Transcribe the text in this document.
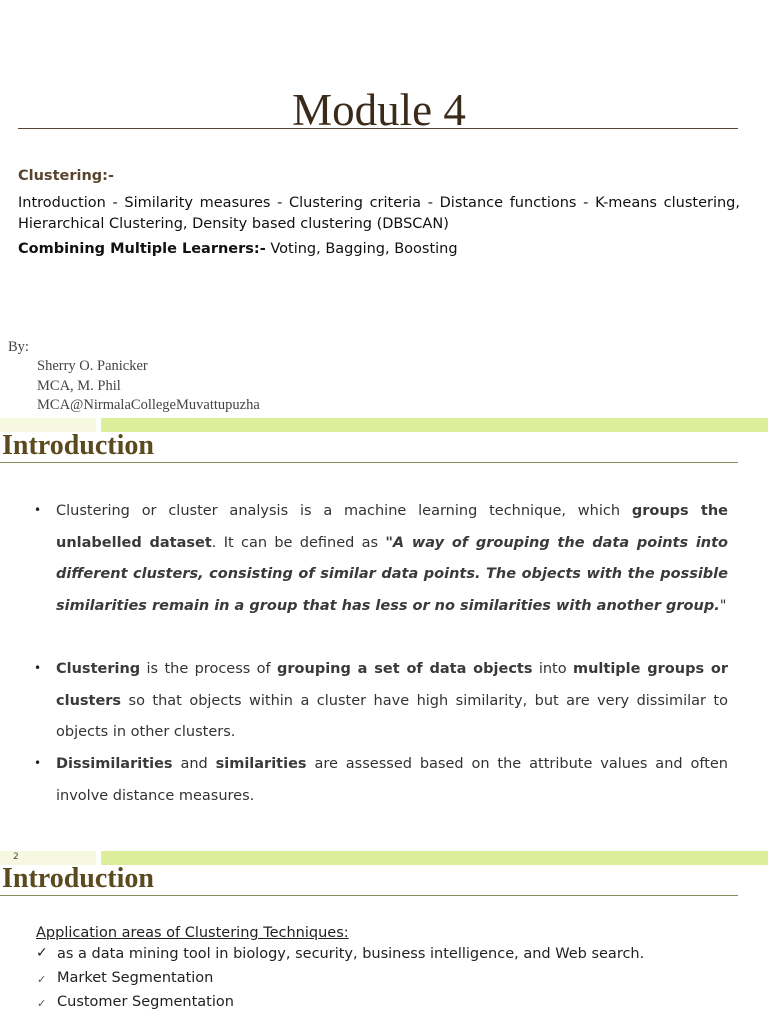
Module 4
Clustering:-
Introduction - Similarity measures - Clustering criteria - Distance functions - K-means clustering, Hierarchical Clustering, Density based clustering (DBSCAN)
Combining Multiple Learners:- Voting, Bagging, Boosting
By:
Sherry O. Panicker
MCA, M. Phil
MCA@NirmalaCollegeMuvattupuzha
Introduction
• Clustering or cluster analysis is a machine learning technique, which groups the unlabelled dataset. It can be defined as "A way of grouping the data points into different clusters, consisting of similar data points. The objects with the possible similarities remain in a group that has less or no similarities with another group."
• Clustering is the process of grouping a set of data objects into multiple groups or clusters so that objects within a cluster have high similarity, but are very dissimilar to objects in other clusters.
• Dissimilarities and similarities are assessed based on the attribute values and often involve distance measures.
2
Introduction
Application areas of Clustering Techniques:
✓ as a data mining tool in biology, security, business intelligence, and Web search.
✓ Market Segmentation
✓ Customer Segmentation
